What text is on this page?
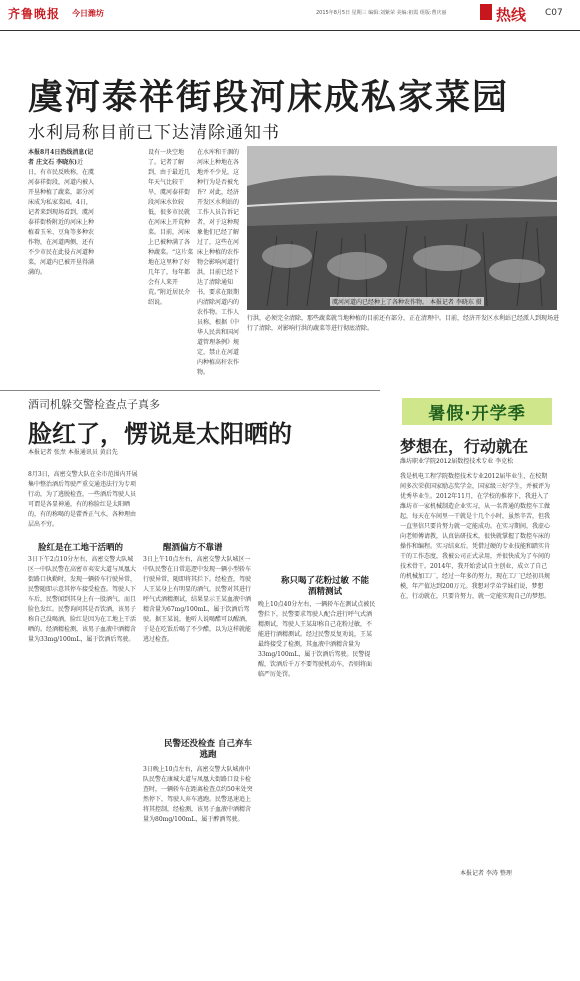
齐鲁晚报 今日潍坊	2015年8月5日 星期三 编辑:刘紫荣 美编:祖霞 组版:曹庆丽	热线 C07
虞河泰祥街段河床成私家菜园
水利局称目前已下达清除通知书
本报8月4日热线消息(记者 庄文石 李晓东)近日，有市民反映称，在虞河泰祥街段，河道内被人开垦种植了蔬菜，部分河床成为私家菜园。4日，记者来到现场看到，虞河泰祥街桥附近的河床上种植着玉米、豆角等多种农作物，在河道两侧，还有不少市民在此侵占河道种菜，河道内已被开垦得满满的。
设有一块空地了。记者了解到，由于最近几年天气比较干旱，虞河泰祥街段河床水位较低，很多市民就在河床上开荒种菜。目前，河床上已被种满了各种蔬菜。“这片菜地在这里种了好几年了，每年都会有人来开荒。”附近居民介绍说。
在水库和干涸的河床上种地在各地并不少见，这种行为是否被允许？对此，经济开发区水利站的工作人员告诉记者，对于这种现象他们已经了解过了，这些在河床上种植的农作物会影响河道行洪，目前已经下达了清除通知书，要求在限期内清除河道内的农作物。工作人员称，根据《中华人民共和国河道管理条例》规定，禁止在河道内种植高秆农作物。
虞河河道内已经种上了各种农作物。 本报记者 李晓东 摄
行洪，必须完全清除，那些蔬菜就当地种植的目前还有部分，正在清理中。目前，经济开发区水利站已经派人到现场进行了清除，对影响行洪的蔬菜等进行彻底清除。
酒司机躲交警检查点子真多
脸红了，愣说是太阳晒的
本报记者 张焘 本报通讯员 黄启先
8月3日，高密交警大队在全市范围内开展集中整治酒后驾驶严重交通违法行为专项行动，为了逃脱检查，一些酒后驾驶人员可谓是各显神通，有的称脸红是太阳晒的，有的称喝的是藿香正气水，各种理由层出不穷。
脸红是在工地干活晒的
3日下午2点10分左右，高密交警大队城区一中队民警在高密市夷安大道与凤凰大街路口执勤时，发现一辆轿车行驶异常，民警随即示意其停车接受检查。驾驶人下车后，民警闻到其身上有一股酒气，而且脸色发红。民警询问其是否饮酒，该男子称自己没喝酒，脸红是因为在工地上干活晒的。经酒精检测，该男子血液中酒精含量为33mg/100mL，属于饮酒后驾驶。
醒酒偏方不靠谱
3日上午10点左右，高密交警大队城区一中队民警在日常巡逻中发现一辆小型轿车行驶异常，随即将其拦下。经检查，驾驶人王某身上有明显的酒气，民警对其进行呼气式酒精测试，结果显示王某血液中酒精含量为67mg/100mL，属于饮酒后驾驶。据王某说，他听人说喝醋可以醒酒，于是在吃饭后喝了不少醋，以为这样就能逃过检查。
民警还没检查 自己弃车逃跑
3日晚上10点左右，高密交警大队城南中队民警在康城大道与凤凰大街路口设卡检查时，一辆轿车在距离检查点约50米处突然停下，驾驶人弃车逃跑。民警迅速追上将其控制，经检测，该男子血液中酒精含量为80mg/100mL，属于醉酒驾驶。
称只喝了花粉过敏 不能酒精测试
晚上10点40分左右，一辆轿车在测试点被民警拦下，民警要求驾驶人配合进行呼气式酒精测试，驾驶人王某却称自己花粉过敏，不能进行酒精测试。经过民警反复劝说，王某最终接受了检测，其血液中酒精含量为33mg/100mL，属于饮酒后驾驶。民警提醒，饮酒后千万不要驾驶机动车，否则将面临严厉处罚。
暑假·开学季
梦想在，行动就在
潍坊职业学院2012届数控技术专业 李克松
我是机电工程学院数控技术专业2012届毕业生，在校期间多次荣获国家励志奖学金，国家级三好学生，并被评为优秀毕业生。2012年11月，在学校的推荐下，我进入了潍坊市一家机械制造企业实习，从一名普通的数控车工做起，每天在车间里一干就是十几个小时，虽然辛苦，但我一直坚信只要肯努力就一定能成功。在实习期间，我虚心向老师傅请教，认真钻研技术，很快就掌握了数控车床的操作和编程。实习结束后，凭借过硬的专业技能和踏实肯干的工作态度，我被公司正式录用，并很快成为了车间的技术骨干。2014年，我开始尝试自主创业，成立了自己的机械加工厂，经过一年多的努力，现在工厂已经初具规模，年产值达到200万元。我想对学弟学妹们说，梦想在，行动就在，只要肯努力，就一定能实现自己的梦想。
本报记者 李涛 整理
